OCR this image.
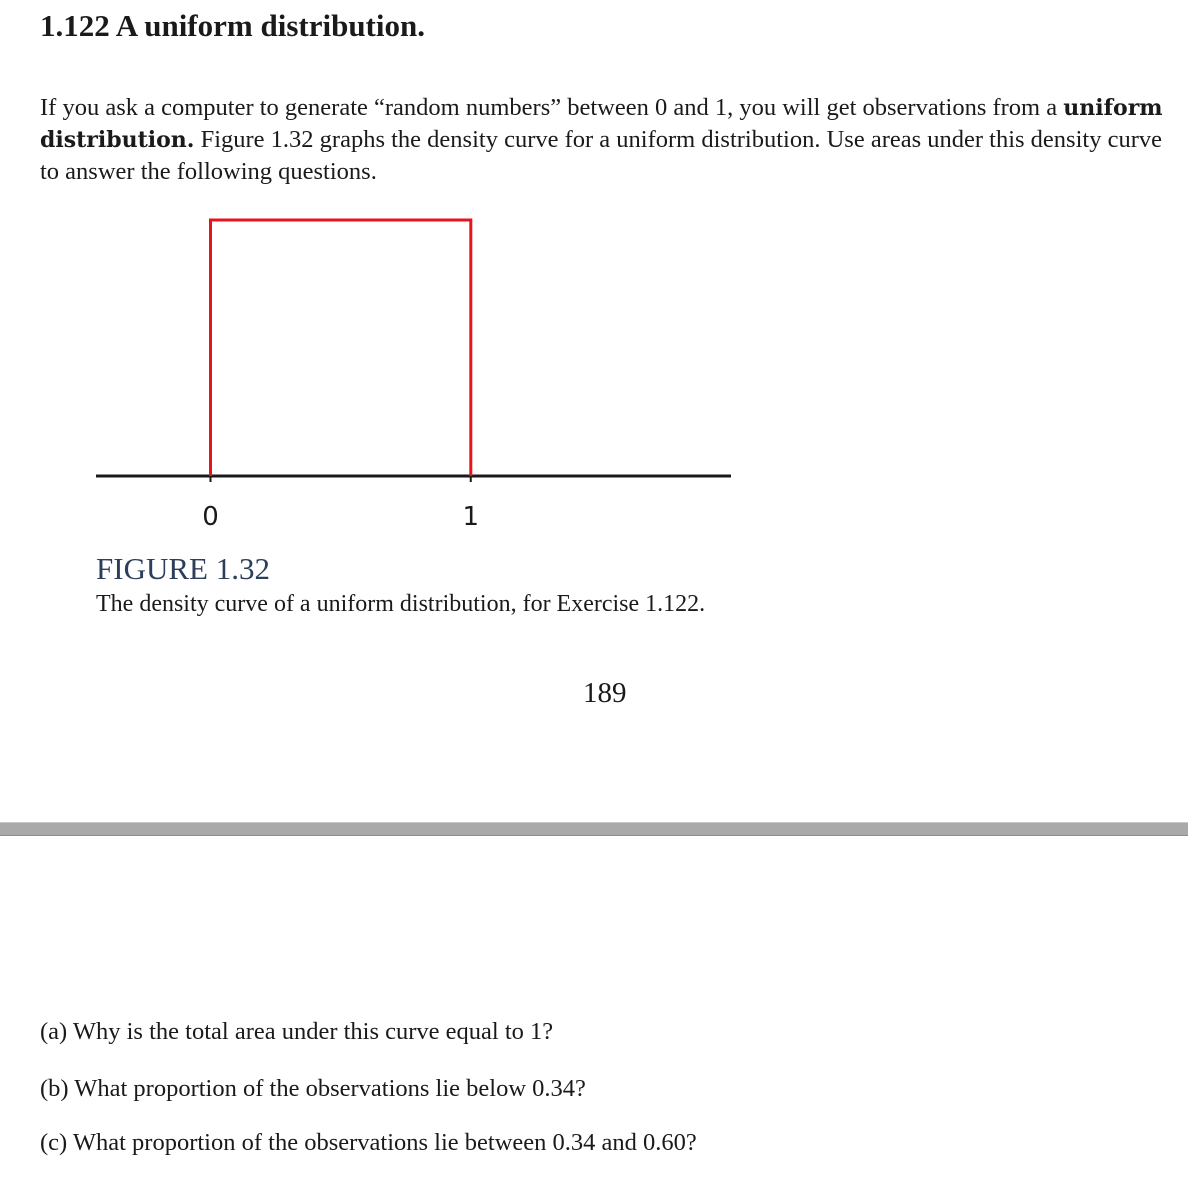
1.122 A uniform distribution.

If you ask a computer to generate “random numbers” between 0 and 1, you will get observations from a uniform distribution. Figure 1.32 graphs the density curve for a uniform distribution. Use areas under this density curve to answer the following questions.

0	1

FIGURE 1.32

The density curve of a uniform distribution, for Exercise 1.122.

189

(a) Why is the total area under this curve equal to 1?

(b) What proportion of the observations lie below 0.34?

(c) What proportion of the observations lie between 0.34 and 0.60?
